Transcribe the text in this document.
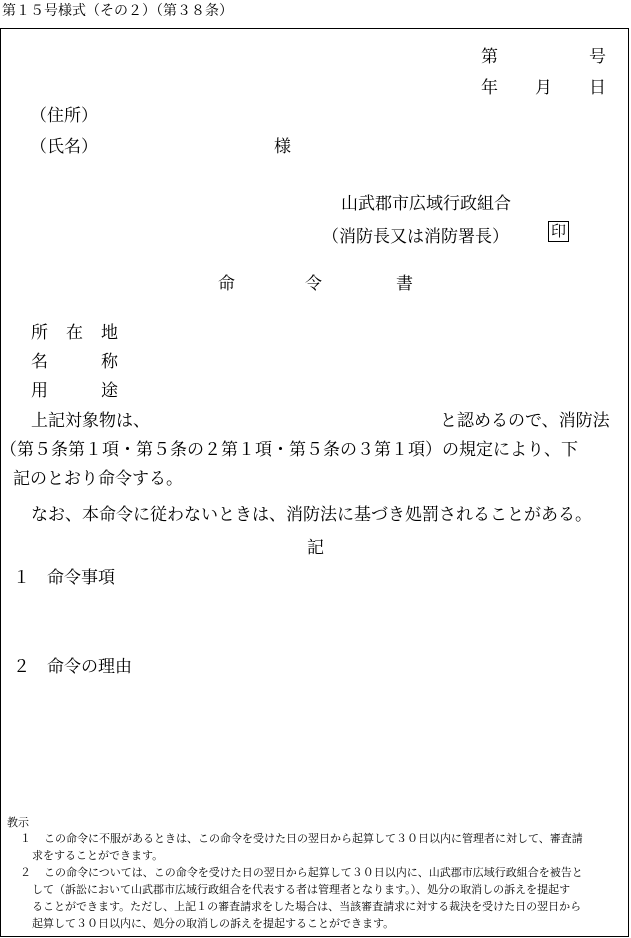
第１５号様式（その２）（第３８条）
第	号
年 月 日
（住所）
（氏名）	様
山武郡市広域行政組合
（消防長又は消防署長）	印
命	令	書
所 在 地
名	称
用	途
上記対象物は、	と認めるので、消防法
（第５条第１項・第５条の２第１項・第５条の３第１項）の規定により、下
記のとおり命令する。
なお、本命令に従わないときは、消防法に基づき処罰されることがある。
記
１ 命令事項
２ 命令の理由
教示
１ この命令に不服があるときは、この命令を受けた日の翌日から起算して３０日以内に管理者に対して、審査請
求をすることができます。
２ この命令については、この命令を受けた日の翌日から起算して３０日以内に、山武郡市広域行政組合を被告と
して（訴訟において山武郡市広域行政組合を代表する者は管理者となります。）、処分の取消しの訴えを提起す
ることができます。ただし、上記１の審査請求をした場合は、当該審査請求に対する裁決を受けた日の翌日から
起算して３０日以内に、処分の取消しの訴えを提起することができます。
